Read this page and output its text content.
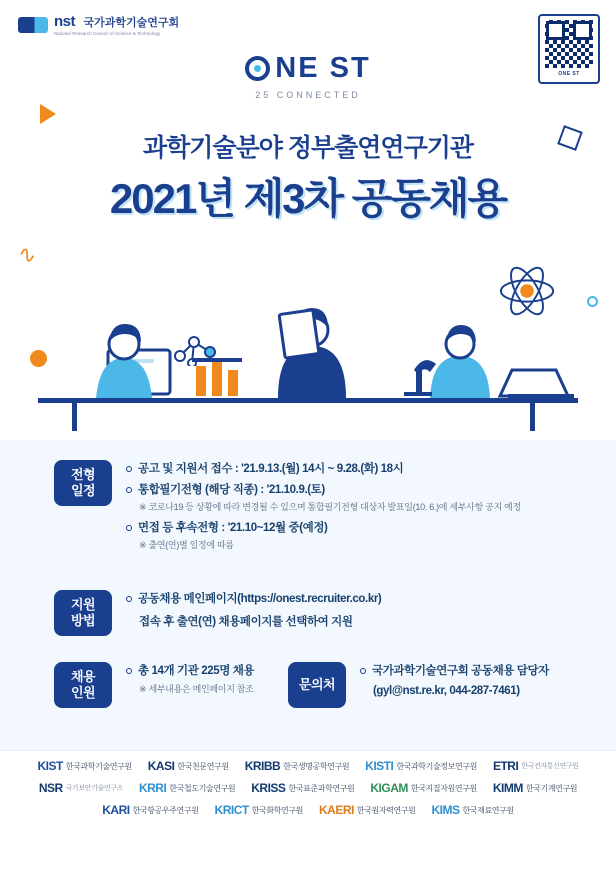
nst 국가과학기술연구회
National Research Council of Science & Technology
ONE ST
NE ST
25 CONNECTED
과학기술분야 정부출연연구기관
2021년 제3차 공동채용
∿
전형
일정
공고 및 지원서 접수 : '21.9.13.(월) 14시 ~ 9.28.(화) 18시
통합필기전형 (해당 직종) : '21.10.9.(토)
※ 코로나19 등 상황에 따라 변경될 수 있으며 통합필기전형 대상자 발표일(10. 6.)에 세부사항 공지 예정
면접 등 후속전형 : '21.10~12월 중(예정)
※ 출연(연)별 일정에 따름
지원
방법
공동채용 메인페이지(https://onest.recruiter.co.kr)
접속 후 출연(연) 채용페이지를 선택하여 지원
채용
인원
총 14개 기관 225명 채용
※ 세부내용은 메인페이지 참조	문의처
국가과학기술연구회 공동채용 담당자
(gyl@nst.re.kr, 044-287-7461)
KIST 한국과학기술연구원 KASI 한국천문연구원 KRIBB 한국생명공학연구원 KISTI 한국과학기술정보연구원 ETRI 한국전자통신연구원
NSR 국가보안기술연구소 KRRI 한국철도기술연구원 KRISS 한국표준과학연구원 KIGAM 한국지질자원연구원 KIMM 한국기계연구원
KARI 한국항공우주연구원 KRICT 한국화학연구원 KAERI 한국원자력연구원 KIMS 한국재료연구원
